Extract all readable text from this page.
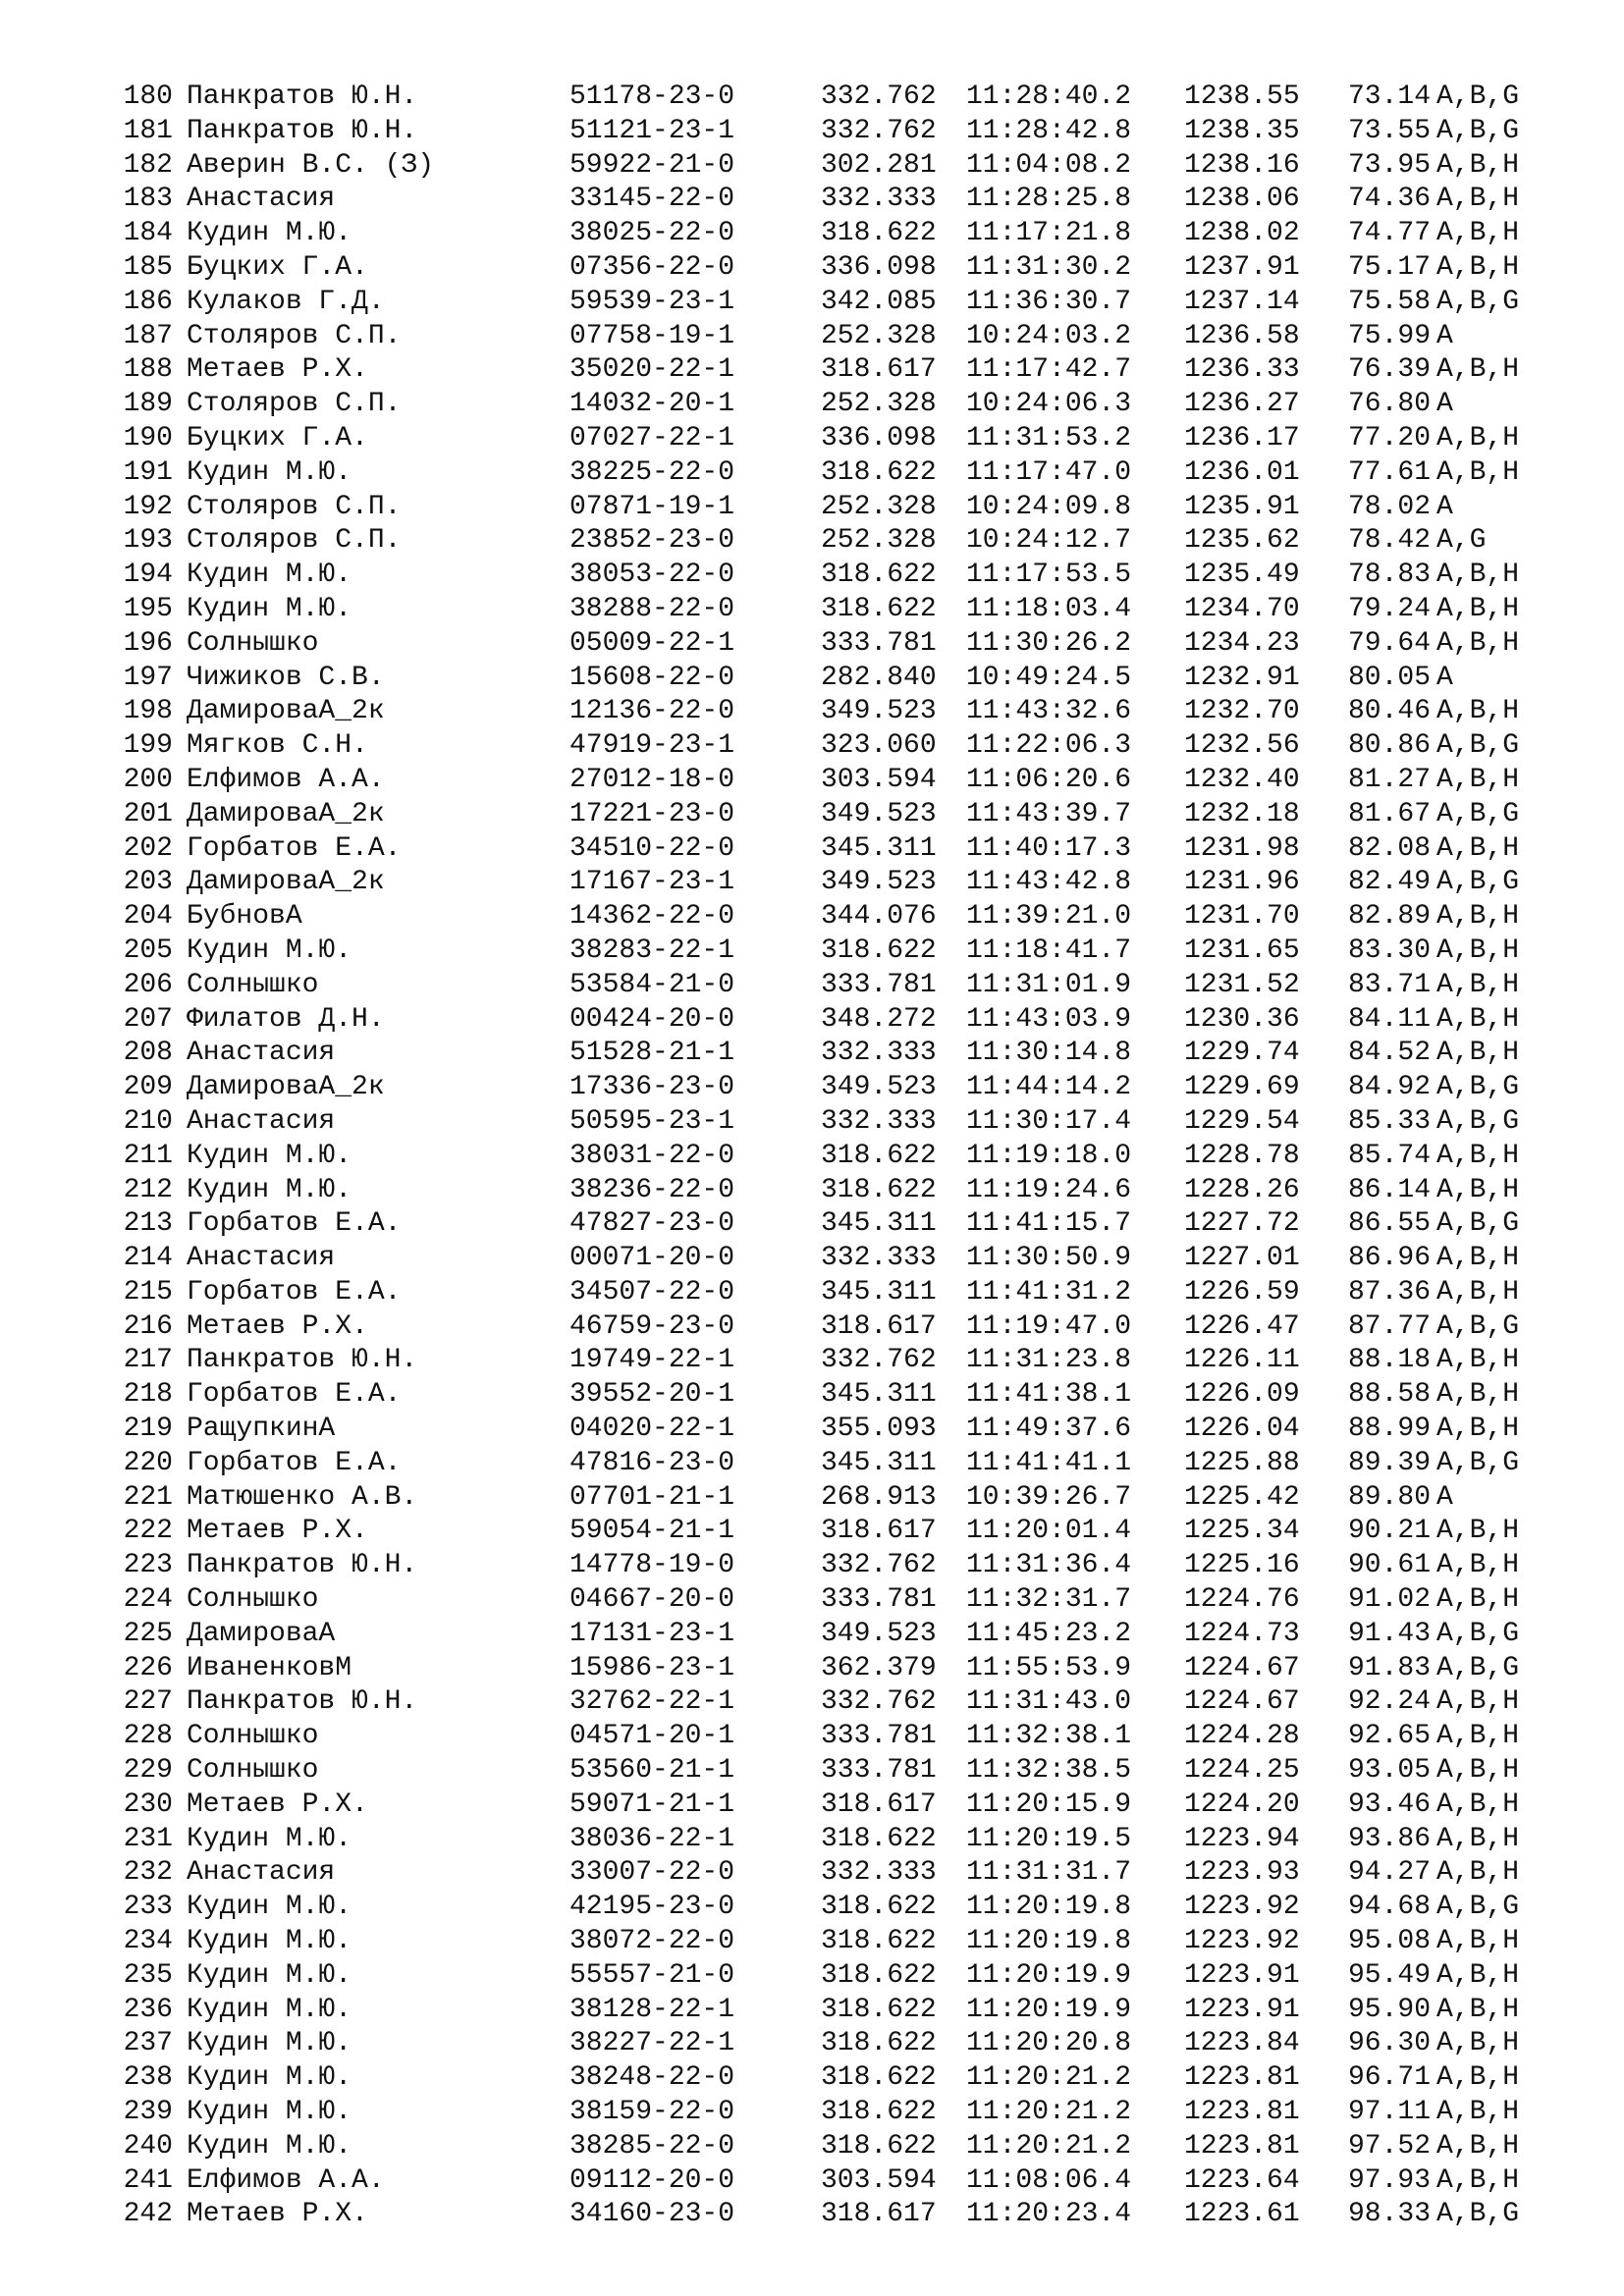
180 Панкратов Ю.Н.	51178-23-0	332.762 11:28:40.2 1238.55 73.14 A,B,G
181 Панкратов Ю.Н.	51121-23-1	332.762 11:28:42.8 1238.35 73.55 A,B,G
182 Аверин В.С. (З)	59922-21-0	302.281 11:04:08.2 1238.16 73.95 A,B,H
183 Анастасия	33145-22-0	332.333 11:28:25.8 1238.06 74.36 A,B,H
184 Кудин М.Ю.	38025-22-0	318.622 11:17:21.8 1238.02 74.77 A,B,H
185 Буцких Г.А.	07356-22-0	336.098 11:31:30.2 1237.91 75.17 A,B,H
186 Кулаков Г.Д.	59539-23-1	342.085 11:36:30.7 1237.14 75.58 A,B,G
187 Столяров С.П.	07758-19-1	252.328 10:24:03.2 1236.58 75.99 A
188 Метаев Р.Х.	35020-22-1	318.617 11:17:42.7 1236.33 76.39 A,B,H
189 Столяров С.П.	14032-20-1	252.328 10:24:06.3 1236.27 76.80 A
190 Буцких Г.А.	07027-22-1	336.098 11:31:53.2 1236.17 77.20 A,B,H
191 Кудин М.Ю.	38225-22-0	318.622 11:17:47.0 1236.01 77.61 A,B,H
192 Столяров С.П.	07871-19-1	252.328 10:24:09.8 1235.91 78.02 A
193 Столяров С.П.	23852-23-0	252.328 10:24:12.7 1235.62 78.42 A,G
194 Кудин М.Ю.	38053-22-0	318.622 11:17:53.5 1235.49 78.83 A,B,H
195 Кудин М.Ю.	38288-22-0	318.622 11:18:03.4 1234.70 79.24 A,B,H
196 Солнышко	05009-22-1	333.781 11:30:26.2 1234.23 79.64 A,B,H
197 Чижиков С.В.	15608-22-0	282.840 10:49:24.5 1232.91 80.05 A
198 ДамироваA_2к	12136-22-0	349.523 11:43:32.6 1232.70 80.46 A,B,H
199 Мягков С.Н.	47919-23-1	323.060 11:22:06.3 1232.56 80.86 A,B,G
200 Елфимов А.А.	27012-18-0	303.594 11:06:20.6 1232.40 81.27 A,B,H
201 ДамироваA_2к	17221-23-0	349.523 11:43:39.7 1232.18 81.67 A,B,G
202 Горбатов Е.А.	34510-22-0	345.311 11:40:17.3 1231.98 82.08 A,B,H
203 ДамироваA_2к	17167-23-1	349.523 11:43:42.8 1231.96 82.49 A,B,G
204 БубновА	14362-22-0	344.076 11:39:21.0 1231.70 82.89 A,B,H
205 Кудин М.Ю.	38283-22-1	318.622 11:18:41.7 1231.65 83.30 A,B,H
206 Солнышко	53584-21-0	333.781 11:31:01.9 1231.52 83.71 A,B,H
207 Филатов Д.Н.	00424-20-0	348.272 11:43:03.9 1230.36 84.11 A,B,H
208 Анастасия	51528-21-1	332.333 11:30:14.8 1229.74 84.52 A,B,H
209 ДамироваA_2к	17336-23-0	349.523 11:44:14.2 1229.69 84.92 A,B,G
210 Анастасия	50595-23-1	332.333 11:30:17.4 1229.54 85.33 A,B,G
211 Кудин М.Ю.	38031-22-0	318.622 11:19:18.0 1228.78 85.74 A,B,H
212 Кудин М.Ю.	38236-22-0	318.622 11:19:24.6 1228.26 86.14 A,B,H
213 Горбатов Е.А.	47827-23-0	345.311 11:41:15.7 1227.72 86.55 A,B,G
214 Анастасия	00071-20-0	332.333 11:30:50.9 1227.01 86.96 A,B,H
215 Горбатов Е.А.	34507-22-0	345.311 11:41:31.2 1226.59 87.36 A,B,H
216 Метаев Р.Х.	46759-23-0	318.617 11:19:47.0 1226.47 87.77 A,B,G
217 Панкратов Ю.Н.	19749-22-1	332.762 11:31:23.8 1226.11 88.18 A,B,H
218 Горбатов Е.А.	39552-20-1	345.311 11:41:38.1 1226.09 88.58 A,B,H
219 РащупкинА	04020-22-1	355.093 11:49:37.6 1226.04 88.99 A,B,H
220 Горбатов Е.А.	47816-23-0	345.311 11:41:41.1 1225.88 89.39 A,B,G
221 Матюшенко А.В.	07701-21-1	268.913 10:39:26.7 1225.42 89.80 A
222 Метаев Р.Х.	59054-21-1	318.617 11:20:01.4 1225.34 90.21 A,B,H
223 Панкратов Ю.Н.	14778-19-0	332.762 11:31:36.4 1225.16 90.61 A,B,H
224 Солнышко	04667-20-0	333.781 11:32:31.7 1224.76 91.02 A,B,H
225 ДамироваA	17131-23-1	349.523 11:45:23.2 1224.73 91.43 A,B,G
226 ИваненковМ	15986-23-1	362.379 11:55:53.9 1224.67 91.83 A,B,G
227 Панкратов Ю.Н.	32762-22-1	332.762 11:31:43.0 1224.67 92.24 A,B,H
228 Солнышко	04571-20-1	333.781 11:32:38.1 1224.28 92.65 A,B,H
229 Солнышко	53560-21-1	333.781 11:32:38.5 1224.25 93.05 A,B,H
230 Метаев Р.Х.	59071-21-1	318.617 11:20:15.9 1224.20 93.46 A,B,H
231 Кудин М.Ю.	38036-22-1	318.622 11:20:19.5 1223.94 93.86 A,B,H
232 Анастасия	33007-22-0	332.333 11:31:31.7 1223.93 94.27 A,B,H
233 Кудин М.Ю.	42195-23-0	318.622 11:20:19.8 1223.92 94.68 A,B,G
234 Кудин М.Ю.	38072-22-0	318.622 11:20:19.8 1223.92 95.08 A,B,H
235 Кудин М.Ю.	55557-21-0	318.622 11:20:19.9 1223.91 95.49 A,B,H
236 Кудин М.Ю.	38128-22-1	318.622 11:20:19.9 1223.91 95.90 A,B,H
237 Кудин М.Ю.	38227-22-1	318.622 11:20:20.8 1223.84 96.30 A,B,H
238 Кудин М.Ю.	38248-22-0	318.622 11:20:21.2 1223.81 96.71 A,B,H
239 Кудин М.Ю.	38159-22-0	318.622 11:20:21.2 1223.81 97.11 A,B,H
240 Кудин М.Ю.	38285-22-0	318.622 11:20:21.2 1223.81 97.52 A,B,H
241 Елфимов А.А.	09112-20-0	303.594 11:08:06.4 1223.64 97.93 A,B,H
242 Метаев Р.Х.	34160-23-0	318.617 11:20:23.4 1223.61 98.33 A,B,G
